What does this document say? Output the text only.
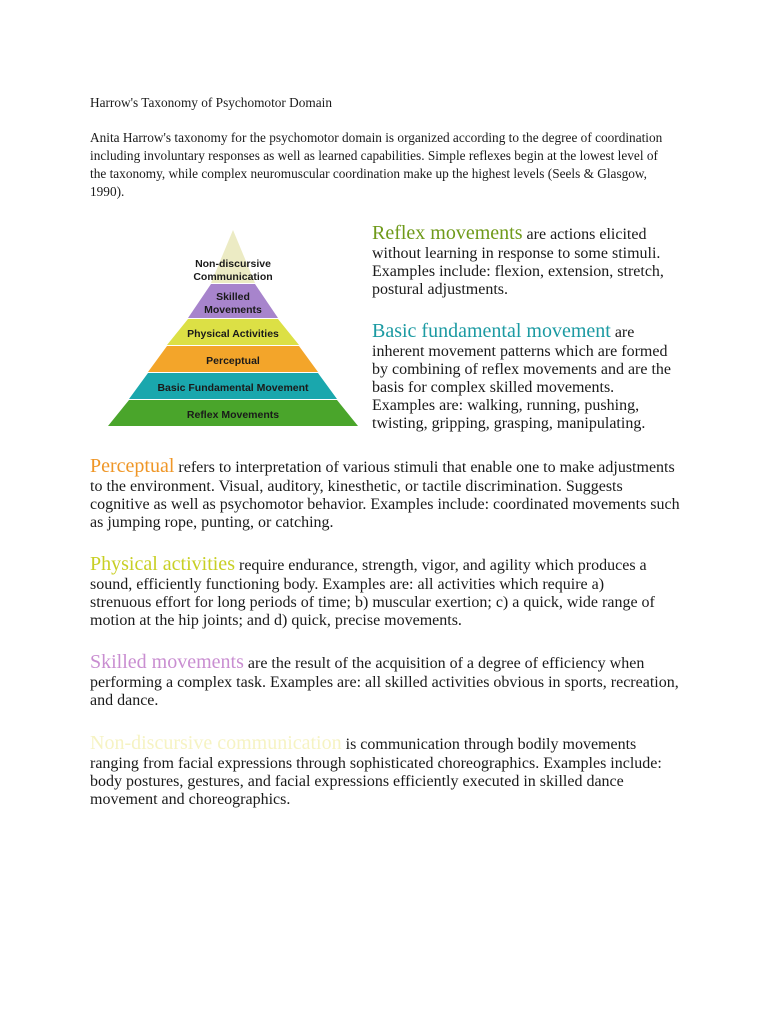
Harrow's Taxonomy of Psychomotor Domain

Anita Harrow's taxonomy for the psychomotor domain is organized according to the degree of coordination including involuntary responses as well as learned capabilities. Simple reflexes begin at the lowest level of the taxonomy, while complex neuromuscular coordination make up the highest levels (Seels & Glasgow, 1990).

Non-discursive
Communication
Skilled
Movements
Physical Activities
Perceptual
Basic Fundamental Movement
Reflex Movements

Reflex movements are actions elicited without learning in response to some stimuli. Examples include: flexion, extension, stretch, postural adjustments.

Basic fundamental movement are inherent movement patterns which are formed by combining of reflex movements and are the basis for complex skilled movements. Examples are: walking, running, pushing, twisting, gripping, grasping, manipulating.

Perceptual refers to interpretation of various stimuli that enable one to make adjustments to the environment. Visual, auditory, kinesthetic, or tactile discrimination. Suggests cognitive as well as psychomotor behavior. Examples include: coordinated movements such as jumping rope, punting, or catching.

Physical activities require endurance, strength, vigor, and agility which produces a sound, efficiently functioning body. Examples are: all activities which require a) strenuous effort for long periods of time; b) muscular exertion; c) a quick, wide range of motion at the hip joints; and d) quick, precise movements.

Skilled movements are the result of the acquisition of a degree of efficiency when performing a complex task. Examples are: all skilled activities obvious in sports, recreation, and dance.

Non-discursive communication is communication through bodily movements ranging from facial expressions through sophisticated choreographics. Examples include: body postures, gestures, and facial expressions efficiently executed in skilled dance movement and choreographics.
